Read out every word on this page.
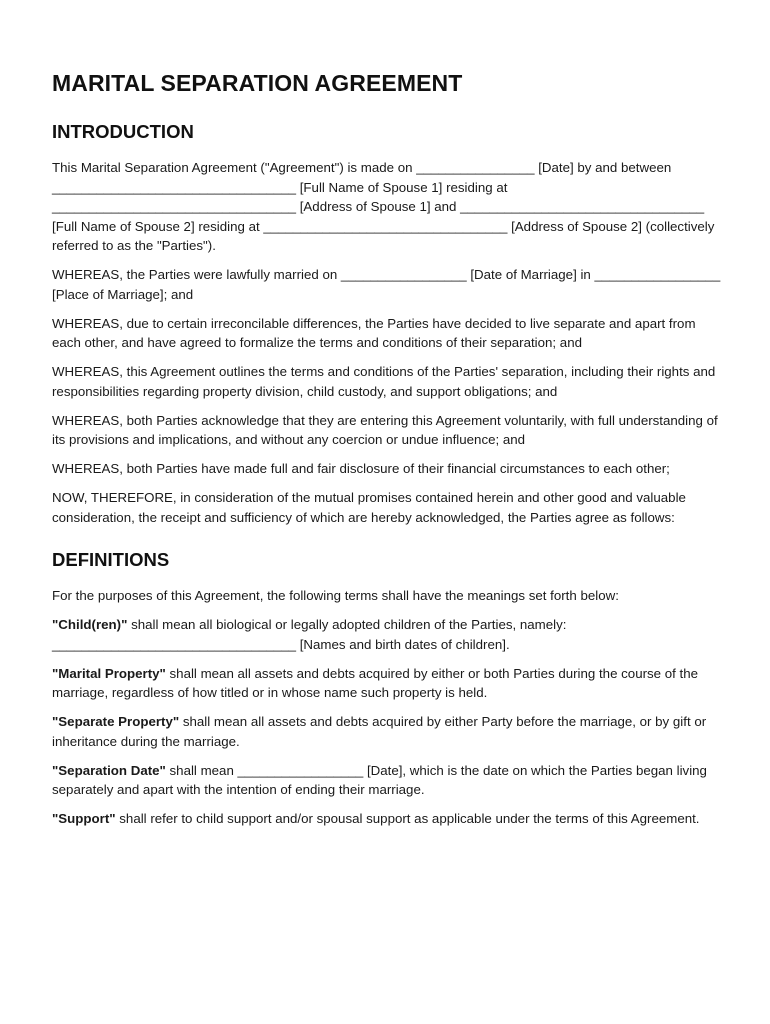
MARITAL SEPARATION AGREEMENT
INTRODUCTION

This Marital Separation Agreement ("Agreement") is made on ________________ [Date] by and between _________________________________ [Full Name of Spouse 1] residing at _________________________________ [Address of Spouse 1] and _________________________________ [Full Name of Spouse 2] residing at _________________________________ [Address of Spouse 2] (collectively referred to as the "Parties").

WHEREAS, the Parties were lawfully married on _________________ [Date of Marriage] in _________________ [Place of Marriage]; and

WHEREAS, due to certain irreconcilable differences, the Parties have decided to live separate and apart from each other, and have agreed to formalize the terms and conditions of their separation; and

WHEREAS, this Agreement outlines the terms and conditions of the Parties' separation, including their rights and responsibilities regarding property division, child custody, and support obligations; and

WHEREAS, both Parties acknowledge that they are entering this Agreement voluntarily, with full understanding of its provisions and implications, and without any coercion or undue influence; and

WHEREAS, both Parties have made full and fair disclosure of their financial circumstances to each other;

NOW, THEREFORE, in consideration of the mutual promises contained herein and other good and valuable consideration, the receipt and sufficiency of which are hereby acknowledged, the Parties agree as follows:

DEFINITIONS

For the purposes of this Agreement, the following terms shall have the meanings set forth below:

"Child(ren)" shall mean all biological or legally adopted children of the Parties, namely: _________________________________ [Names and birth dates of children].

"Marital Property" shall mean all assets and debts acquired by either or both Parties during the course of the marriage, regardless of how titled or in whose name such property is held.

"Separate Property" shall mean all assets and debts acquired by either Party before the marriage, or by gift or inheritance during the marriage.

"Separation Date" shall mean _________________ [Date], which is the date on which the Parties began living separately and apart with the intention of ending their marriage.

"Support" shall refer to child support and/or spousal support as applicable under the terms of this Agreement.
